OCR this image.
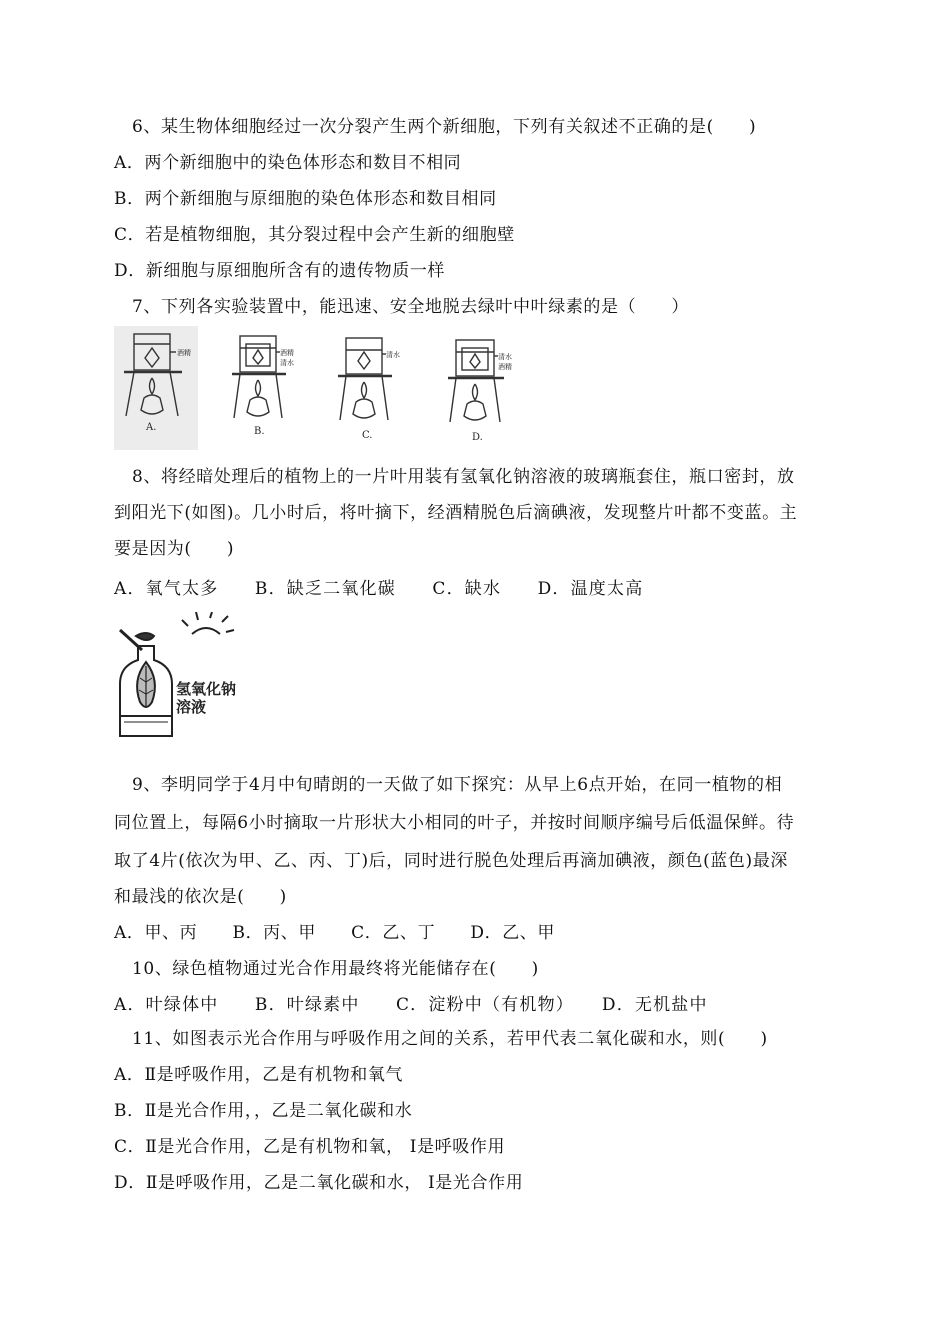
6、某生物体细胞经过一次分裂产生两个新细胞，下列有关叙述不正确的是(　　)
A．两个新细胞中的染色体形态和数目不相同
B．两个新细胞与原细胞的染色体形态和数目相同
C．若是植物细胞，其分裂过程中会产生新的细胞壁
D．新细胞与原细胞所含有的遗传物质一样
7、下列各实验装置中，能迅速、安全地脱去绿叶中叶绿素的是（　　）
酒精
A.
酒精
清水
B.
清水
C.
清水
酒精
D.
8、将经暗处理后的植物上的一片叶用装有氢氧化钠溶液的玻璃瓶套住，瓶口密封，放
到阳光下(如图)。几小时后，将叶摘下，经酒精脱色后滴碘液，发现整片叶都不变蓝。主
要是因为(　　)
A．氧气太多　　B．缺乏二氧化碳　　C．缺水　　D．温度太高
氢氧化钠
溶液
9、李明同学于4月中旬晴朗的一天做了如下探究：从早上6点开始，在同一植物的相
同位置上，每隔6小时摘取一片形状大小相同的叶子，并按时间顺序编号后低温保鲜。待
取了4片(依次为甲、乙、丙、丁)后，同时进行脱色处理后再滴加碘液，颜色(蓝色)最深
和最浅的依次是(　　)
A．甲、丙　　B．丙、甲　　C．乙、丁　　D．乙、甲
10、绿色植物通过光合作用最终将光能储存在(　　)
A．叶绿体中　　B．叶绿素中　　C．淀粉中（有机物）　　D．无机盐中
11、如图表示光合作用与呼吸作用之间的关系，若甲代表二氧化碳和水，则(　　)
A．Ⅱ是呼吸作用，乙是有机物和氧气
B．Ⅱ是光合作用，，乙是二氧化碳和水
C．Ⅱ是光合作用，乙是有机物和氧， Ⅰ是呼吸作用
D．Ⅱ是呼吸作用，乙是二氧化碳和水， Ⅰ是光合作用
